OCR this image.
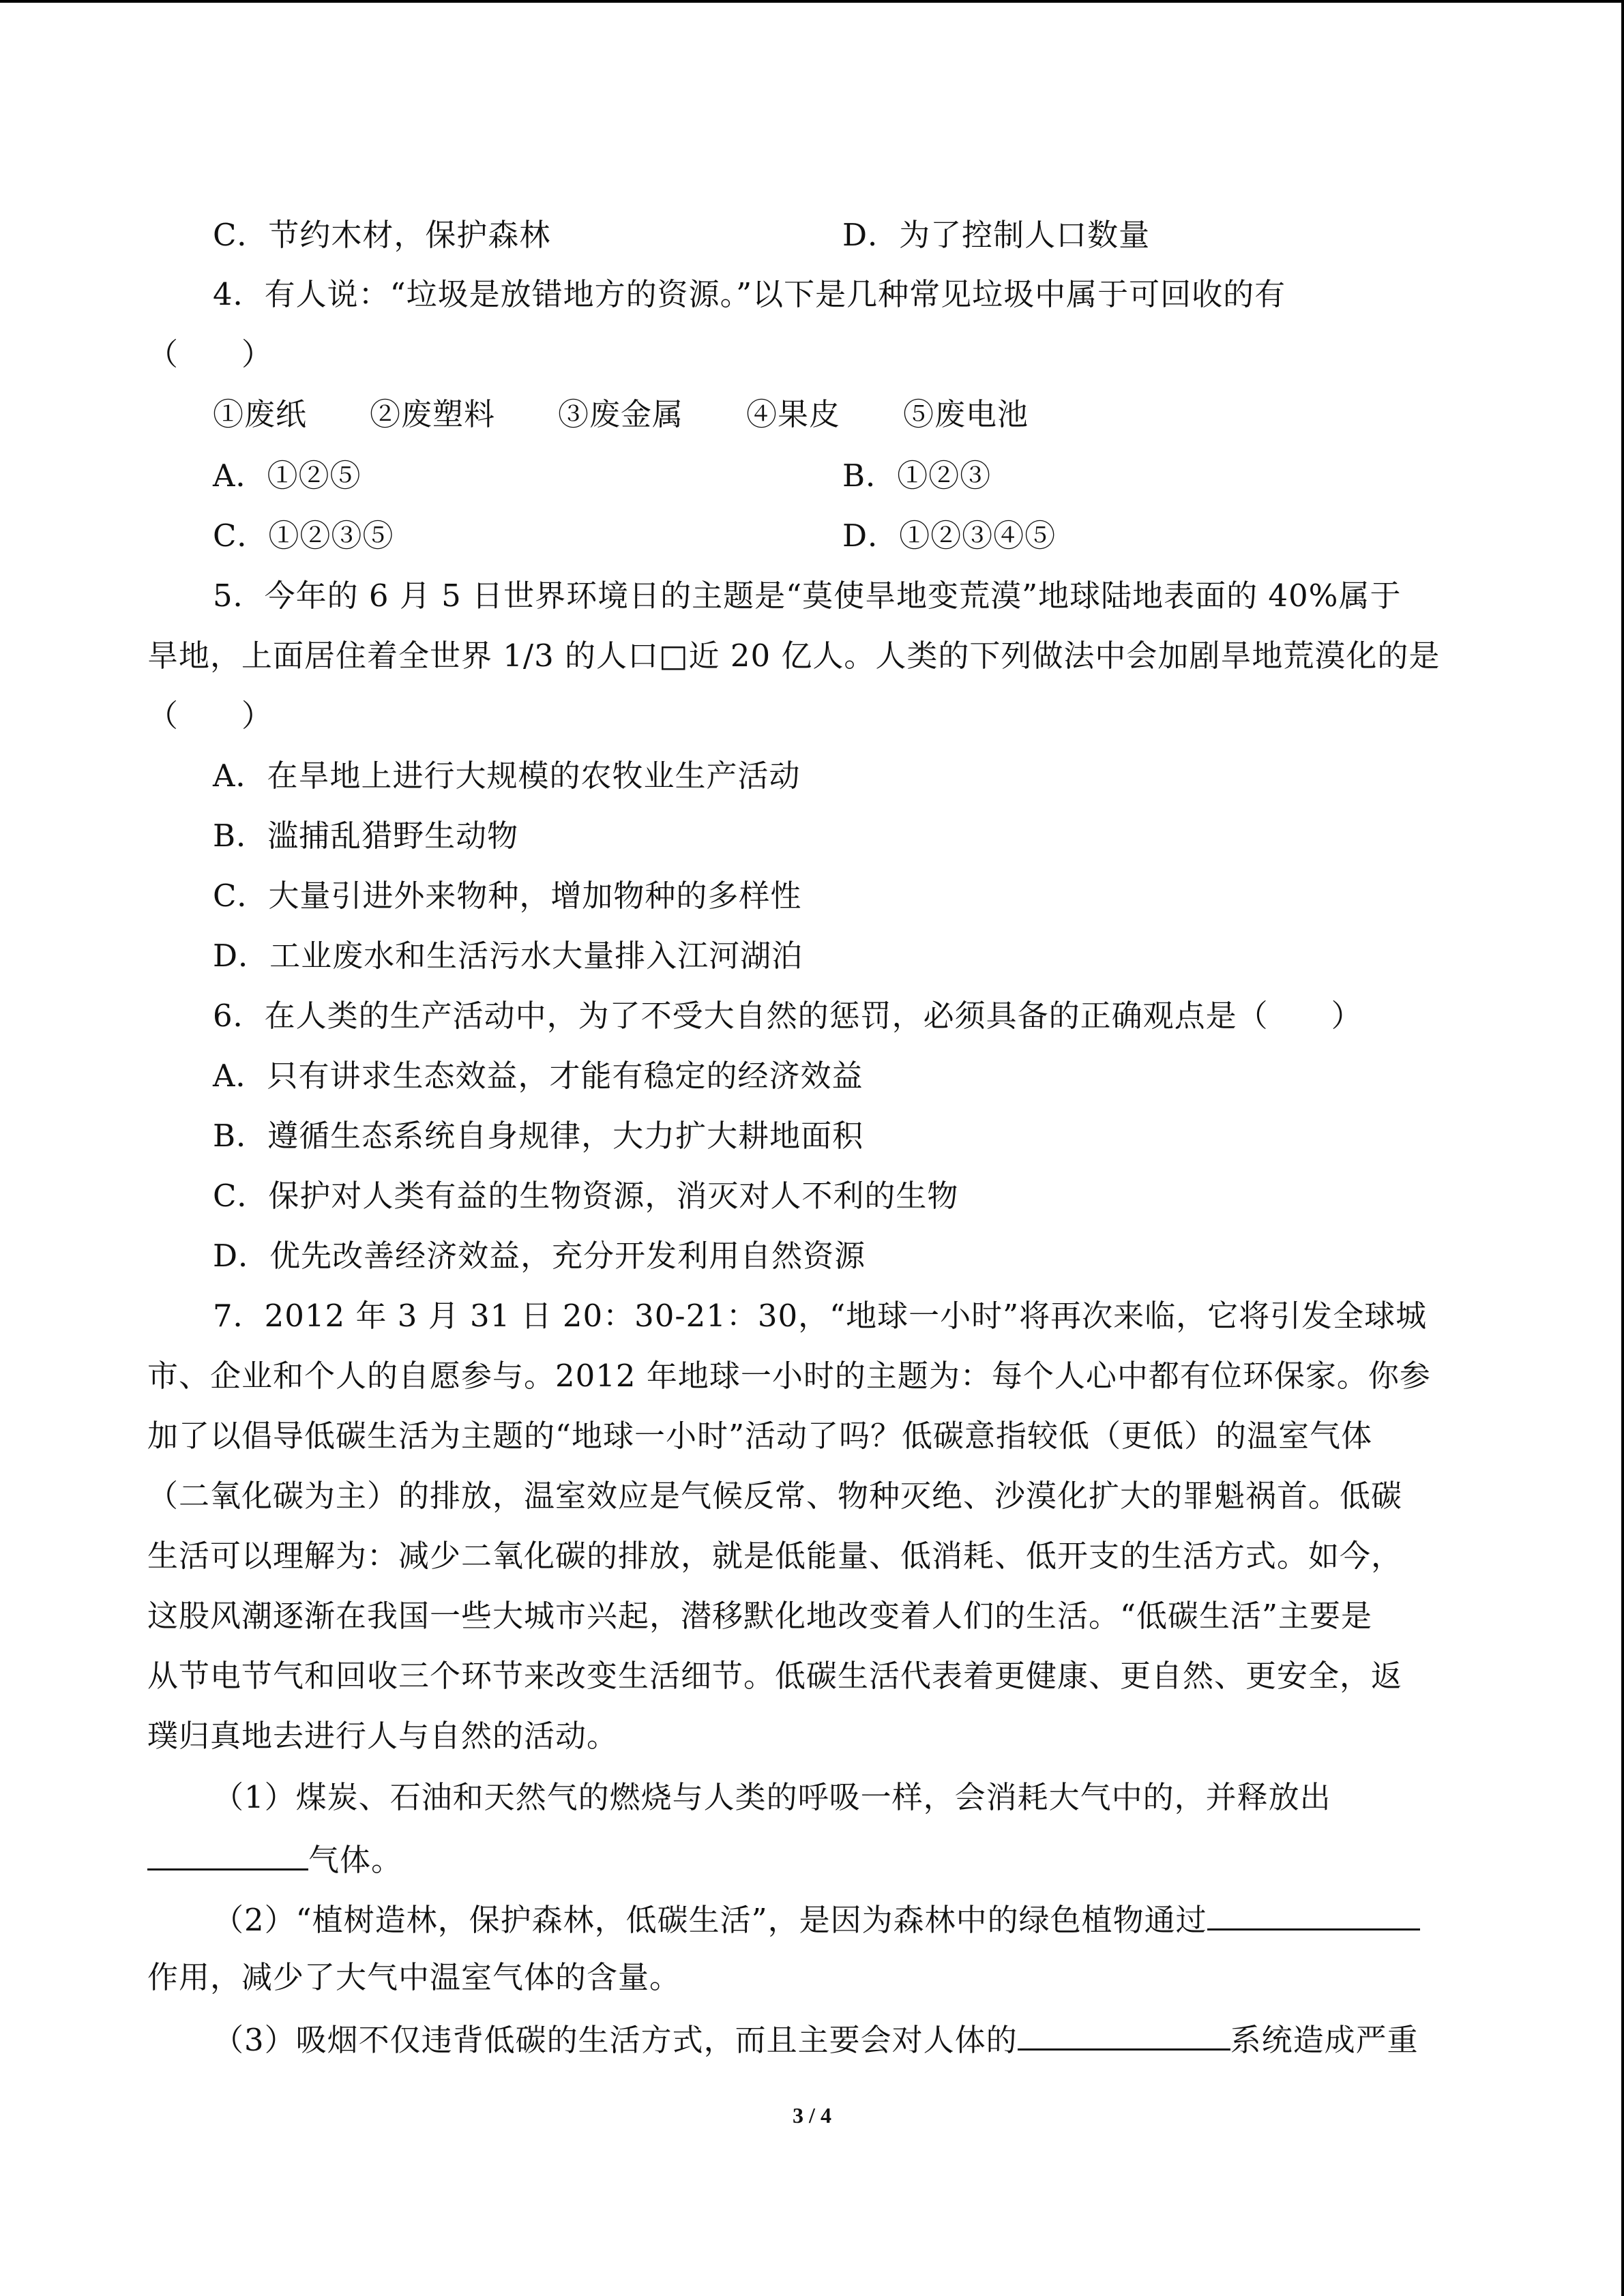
C．节约木材，保护森林	D．为了控制人口数量
4．有人说：“垃圾是放错地方的资源。”以下是几种常见垃圾中属于可回收的有
（　　）
①废纸　　②废塑料　　③废金属　　④果皮　　⑤废电池
A．①②⑤	B．①②③
C．①②③⑤	D．①②③④⑤
5．今年的 6 月 5 日世界环境日的主题是“莫使旱地变荒漠”地球陆地表面的 40%属于
旱地，上面居住着全世界 1/3 的人口□近 20 亿人。人类的下列做法中会加剧旱地荒漠化的是
（　　）
A．在旱地上进行大规模的农牧业生产活动
B．滥捕乱猎野生动物
C．大量引进外来物种，增加物种的多样性
D．工业废水和生活污水大量排入江河湖泊
6．在人类的生产活动中，为了不受大自然的惩罚，必须具备的正确观点是（　　）
A．只有讲求生态效益，才能有稳定的经济效益
B．遵循生态系统自身规律，大力扩大耕地面积
C．保护对人类有益的生物资源，消灭对人不利的生物
D．优先改善经济效益，充分开发利用自然资源
7．2012 年 3 月 31 日 20：30-21：30，“地球一小时”将再次来临，它将引发全球城
市、企业和个人的自愿参与。2012 年地球一小时的主题为：每个人心中都有位环保家。你参
加了以倡导低碳生活为主题的“地球一小时”活动了吗？低碳意指较低（更低）的温室气体
（二氧化碳为主）的排放，温室效应是气候反常、物种灭绝、沙漠化扩大的罪魁祸首。低碳
生活可以理解为：减少二氧化碳的排放，就是低能量、低消耗、低开支的生活方式。如今，
这股风潮逐渐在我国一些大城市兴起，潜移默化地改变着人们的生活。“低碳生活”主要是
从节电节气和回收三个环节来改变生活细节。低碳生活代表着更健康、更自然、更安全，返
璞归真地去进行人与自然的活动。
（1）煤炭、石油和天然气的燃烧与人类的呼吸一样，会消耗大气中的，并释放出
气体。
（2）“植树造林，保护森林，低碳生活”，是因为森林中的绿色植物通过
作用，减少了大气中温室气体的含量。
（3）吸烟不仅违背低碳的生活方式，而且主要会对人体的	系统造成严重
3 / 4
